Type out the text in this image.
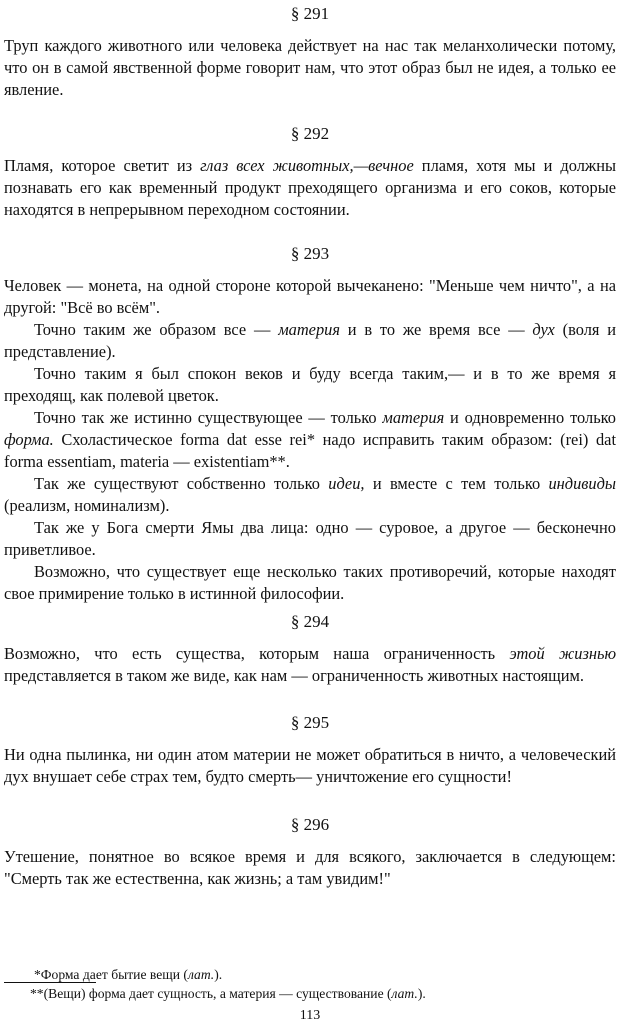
§ 291

Труп каждого животного или человека действует на нас так меланхолически потому, что он в самой явственной форме говорит нам, что этот образ был не идея, а только ее явление.

§ 292

Пламя, которое светит из глаз всех животных,—вечное пламя, хотя мы и должны познавать его как временный продукт преходящего организма и его соков, которые находятся в непрерывном переходном состоянии.

§ 293

Человек — монета, на одной стороне которой вычеканено: "Меньше чем ничто", а на другой: "Всё во всём".

Точно таким же образом все — материя и в то же время все — дух (воля и представление).

Точно таким я был спокон веков и буду всегда таким,— и в то же время я преходящ, как полевой цветок.

Точно так же истинно существующее — только материя и одновременно только форма. Схоластическое forma dat esse rei* надо исправить таким образом: (rei) dat forma essentiam, materia — existentiam**.

Так же существуют собственно только идеи, и вместе с тем только индивиды (реализм, номинализм).

Так же у Бога смерти Ямы два лица: одно — суровое, а другое — бесконечно приветливое.

Возможно, что существует еще несколько таких противоречий, которые находят свое примирение только в истинной философии.

§ 294

Возможно, что есть существа, которым наша ограниченность этой жизнью представляется в таком же виде, как нам — ограниченность животных настоящим.

§ 295

Ни одна пылинка, ни один атом материи не может обратиться в ничто, а человеческий дух внушает себе страх тем, будто смерть— уничтожение его сущности!

§ 296

Утешение, понятное во всякое время и для всякого, заключается в следующем: "Смерть так же естественна, как жизнь; а там увидим!"

*Форма дает бытие вещи (лат.).
**(Вещи) форма дает сущность, а материя — существование (лат.).
113
